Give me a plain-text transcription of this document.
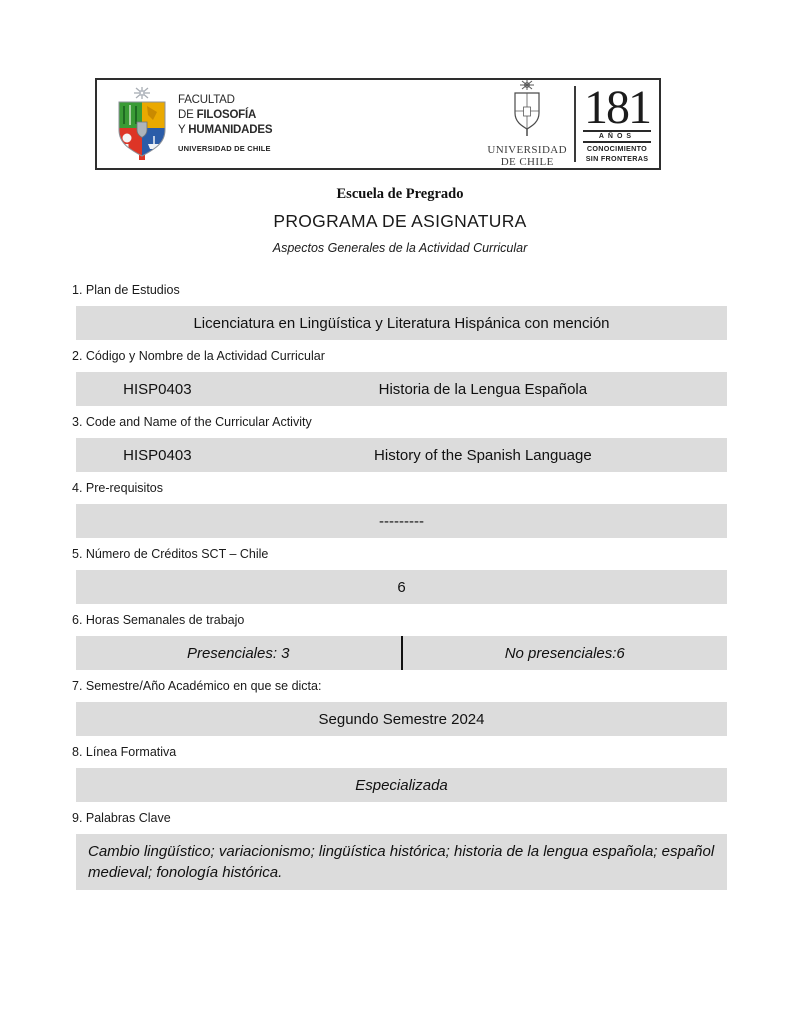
FACULTAD
DE FILOSOFÍA
Y HUMANIDADES
UNIVERSIDAD DE CHILE	UNIVERSIDAD
DE CHILE
181
AÑOS
CONOCIMIENTO
SIN FRONTERAS
Escuela de Pregrado
PROGRAMA DE ASIGNATURA
Aspectos Generales de la Actividad Curricular
1. Plan de Estudios
Licenciatura en Lingüística y Literatura Hispánica con mención
2. Código y Nombre de la Actividad Curricular
HISP0403	Historia de la Lengua Española
3. Code and Name of the Curricular Activity
HISP0403	History of the Spanish Language
4. Pre-requisitos
---------
5. Número de Créditos SCT – Chile
6
6. Horas Semanales de trabajo
Presenciales: 3	No presenciales:6
7. Semestre/Año Académico en que se dicta:
Segundo Semestre 2024
8. Línea Formativa
Especializada
9. Palabras Clave
Cambio lingüístico; variacionismo; lingüística histórica; historia de la lengua española; español medieval; fonología histórica.
